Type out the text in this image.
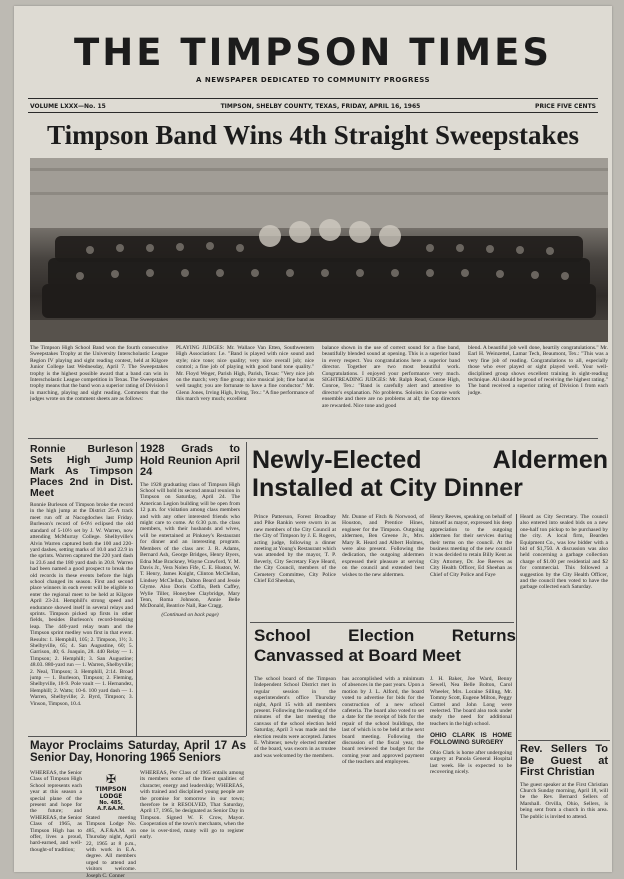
THE TIMPSON TIMES
A NEWSPAPER DEDICATED TO COMMUNITY PROGRESS
VOLUME LXXX—No. 15	TIMPSON, SHELBY COUNTY, TEXAS, FRIDAY, APRIL 16, 1965	PRICE FIVE CENTS
Timpson Band Wins 4th Straight Sweepstakes
The Timpson High School Band won the fourth consecutive Sweepstakes Trophy at the University Interscholastic League Region IV playing and sight reading contest, held at Kilgore Junior College last Wednesday, April 7. The Sweepstakes trophy is the highest possible award that a band can win in Interscholastic League competition in Texas. The Sweepstakes trophy means that the band won a superior rating of Division I in marching, playing and sight reading. Comments that the judges wrote on the comment sheets are as follows:
PLAYING JUDGES: Mr. Wallace Van Etten, Southwestern High Association: I.e. "Band is played with nice sound and style; nice tone; nice quality; very nice overall job; nice control; a fine job of playing with good band tone quality." Mr. Floyd Weger, Parish High, Parish, Texas: "Very nice job on the march; very fine group; nice musical job; fine band as well taught; you are fortunate to have a fine conductor." Mr. Glenn Jones, Irving High, Irving, Tex.: "A fine performance of this march very much; excellent
balance shown in the use of correct sound for a fine band, beautifully blended sound at opening. This is a superior band in every respect. You congratulations here a superior band director. Together are two most beautiful work. Congratulations. I enjoyed your performance very much. SIGHTREADING JUDGES: Mr. Ralph Read, Conroe High, Conroe, Tex.: "Band is carefully alert and attentive to director's explanation. No problems. Soloists in Conroe work ensemble and there are no problems at all; the top directors are rewarded. Nice tone and good
blend. A beautiful job well done, heartily congratulations." Mr. Earl H. Weinzettel, Lamar Tech, Beaumont, Tex.: "This was a very fine job of reading. Congratulations to all, especially those who ever played or sight played well. Your well-disciplined group shows excellent training in sight-reading technique. All should be proud of receiving the highest rating." The band received a superior rating of Division I from each judge.
Ronnie Burleson Sets High Jump Mark As Timpson Places 2nd in Dist. Meet

Ronnie Burleson of Timpson broke the record in the high jump at the District 25-A track meet run off at Nacogdoches last Friday. Burleson's record of 6-0½ eclipsed the old standard of 5-10½ set by J. W. Warren, now attending McMurray College. Shelbyville's Alvin Warren captured both the 100 and 220-yard dashes, setting marks of 10.0 and 22.9 in the sprints. Warren captured the 220 yard dash in 23.6 and the 180 yard dash in 20.8. Warren had been named a good prospect to break the old records in these events before the high school changed its season. First and second place winners in each event will be eligible to enter the regional meet to be held at Kilgore April 23-24. Hemphill's strong speed and endurance showed itself in several relays and sprints. Timpson picked up firsts in other fields, besides Burleson's record-breaking leap. The 440-yard relay team and the Timpson sprint medley won first in that event. Results: 1. Hemphill, 105; 2. Timpson, 1½; 3. Shelbyville, 65; 4. San Augustine, 60; 5. Garrison, 40; 6. Joaquin, 28. 440 Relay — 1. Timpson; 2. Hemphill; 3. San Augustine; 48.03. 880-yard run — 1. Warren, Shelbyville; 2. Neal, Timpson; 3. Hemphill, 2:14. Broad jump — 1. Burleson, Timpson; 2. Fleming, Shelbyville, 18-9. Pole vault — 1. Hernandez, Hemphill; 2. Watts; 10-6. 100 yard dash — 1. Warren, Shelbyville; 2. Byrd, Timpson; 3. Vinson, Timpson, 10.4.

1928 Grads to Hold Reunion April 24

The 1928 graduating class of Timpson High School will hold its second annual reunion in Timpson on Saturday, April 24. The American Legion building will be open from 12 p.m. for visitation among class members and with any other interested friends who might care to come. At 6:30 p.m. the class members, with their husbands and wives, will be entertained at Pinkney's Restaurant for dinner and an interesting program. Members of the class are: J. R. Adams, Bernard Ash, George Bridges, Henry Byers, Edna Mae Brackney, Wayne Crawford, Y. M. Davis Jr., Vera Nolen Fife, C. E. Huston, W. T. Henry, James Knight, Clinton McClellan, Lindsey McClellan, Dalton Beard and Jessie Glyme. Also Doris Coffin, Beth Caffey, Wylie Tiller, Honeybee Claybridge, Mary Tenn, Roma Johnson, Annie Belle McDonald, Beatrice Nall, Rae Cragg.

(Continued on back page)

Mayor Proclaims Saturday, April 17 As Senior Day, Honoring 1965 Seniors

WHEREAS, the Senior Class of Timpson High School represents each year at this season a special plane of the present and hope for the future; and WHEREAS, the Senior Class of 1965, as Timpson High has to offer, lives a proud, hard-earned, and well-thought-of tradition;

✠
TIMPSON LODGE
No. 485, A.F.&A.M.
Stated meeting Timpson Lodge No. 485, A.F.&A.M. on Thursday night, April 22, 1965 at 8 p.m., with work in E.A. degree. All members urged to attend and visitors welcome. Joseph C. Conner

WHEREAS, Per Class of 1965 entails among its members some of the finest qualities of character, energy and leadership; WHEREAS, with trained and disciplined young people are the promise for tomorrow in our town; therefore be it RESOLVED, That Saturday, April 17, 1965, be designated as Senior Day in Timpson. Signed W. F. Crow, Mayor. Cooperation of the town's merchants, when the one is over-tired, many will go to register early.

Newly-Elected Aldermen Installed at City Dinner

Prince Patterson, Forest Broadbay and Pike Rankin were sworn in as new members of the City Council at the City of Timpson by J. E. Rogers, acting judge, following a dinner meeting at Young's Restaurant which was attended by the mayor, T. P. Beverly, City Secretary Faye Heard, the City Council, members of the Cemetery Committee, City Police Chief Ed Sheehan,

Mr. Dunne of Fitch & Norwood, of Houston, and Prentice Hines, engineer for the Timpson. Outgoing aldermen, Ben Greene Jr., Mrs. Mary R. Heard and Albert Holmes, were also present. Following the dedication, the outgoing aldermen expressed their pleasure at serving on the council and extended best wishes to the new aldermen.

Henry Reeves, speaking on behalf of himself as mayor, expressed his deep appreciation to the outgoing aldermen for their services during their terms on the council. At the business meeting of the new council it was decided to retain Billy Kent as City Attorney, Dr. Joe Reeves as City Health Officer, Ed Sheehan as Chief of City Police and Faye

Heard as City Secretary. The council also entered into sealed bids on a new one-half ton pickup to be purchased by the city. A local firm, Bearden Equipment Co., was low bidder with a bid of $1,750. A discussion was also held concerning a garbage collection charge of $1.00 per residential and $2 for commercial. This followed a suggestion by the City Health Officer, and the council then voted to have the garbage collected each Saturday.

School Election Returns Canvassed at Board Meet

The school board of the Timpson Independent School District met in regular session in the superintendent's office Thursday night, April 15 with all members present. Following the reading of the minutes of the last meeting the canvass of the school election held Saturday, April 3 was made and the election results were accepted. James E. Whitener, newly elected member of the board, was sworn in as trustee and was welcomed by the members.

has accomplished with a minimum of absences in the past years. Upon a motion by J. L. Alford, the board voted to advertise for bids for the construction of a new school cafeteria. The board also voted to set a date for the receipt of bids for the repair of the school buildings, the last of which is to be held at the next board meeting. Following the discussion of the fiscal year, the board reviewed the budget for the coming year and approved payment of the teachers and employees.

J. H. Baker, Joe Ward, Benny Sewell, Nea Belle Bolton, Carol Wheeler, Mrs. Loraine Silling, Mr. Tommy Scott, Eugene Milton, Peggy Cottrel and John Long were reelected. The board also took under study the need for additional teachers in the high school.

OHIO CLARK IS HOME FOLLOWING SURGERY

Ohio Clark is home after undergoing surgery at Panola General Hospital last week. He is expected to be recovering nicely.

Rev. Sellers To Be Guest at First Christian

The guest speaker at the First Christian Church Sunday morning, April 18, will be the Rev. Bernard Sellers of Marshall. Orvilla, Ohio, Sellers, is being sent from a church in this area. The public is invited to attend.
